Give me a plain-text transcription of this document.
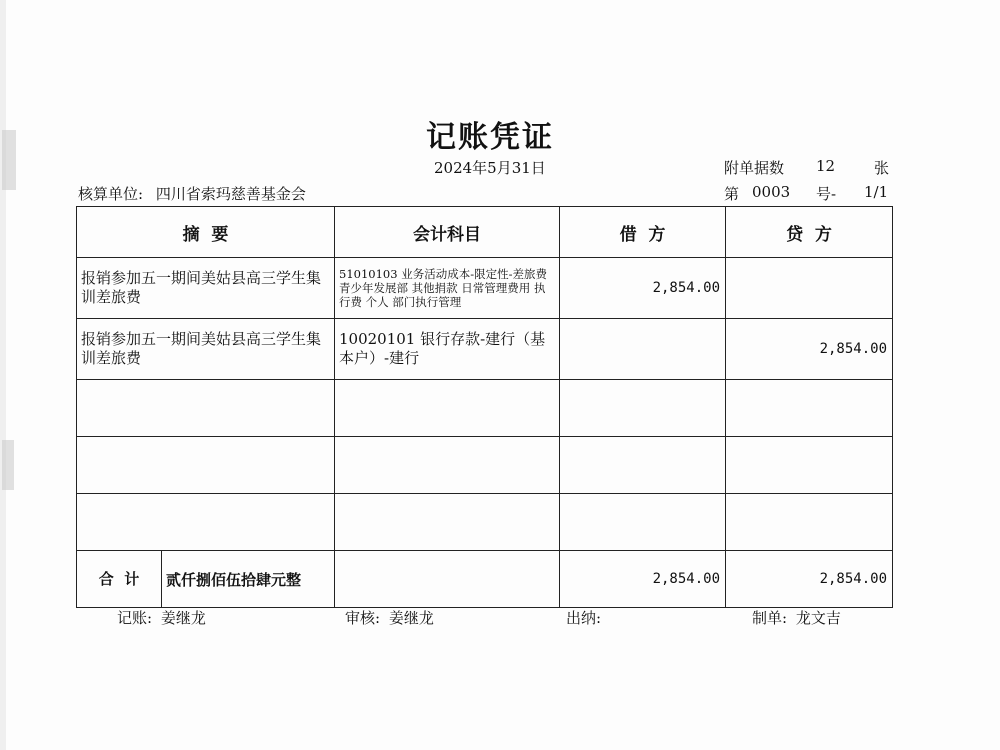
记账凭证
2024年5月31日	附单据数 12	张
核算单位: 四川省索玛慈善基金会	第 0003 号- 1/1
摘  要	会计科目	借  方	贷  方
报销参加五一期间美姑县高三学生集训差旅费	51010103 业务活动成本-限定性-差旅费 青少年发展部 其他捐款 日常管理费用 执行费 个人 部门执行管理	2,854.00	
报销参加五一期间美姑县高三学生集训差旅费	10020101 银行存款-建行（基本户）-建行		2,854.00

合  计 贰仟捌佰伍拾肆元整		2,854.00	2,854.00
记账: 姜继龙	审核: 姜继龙	出纳:	制单: 龙文吉
